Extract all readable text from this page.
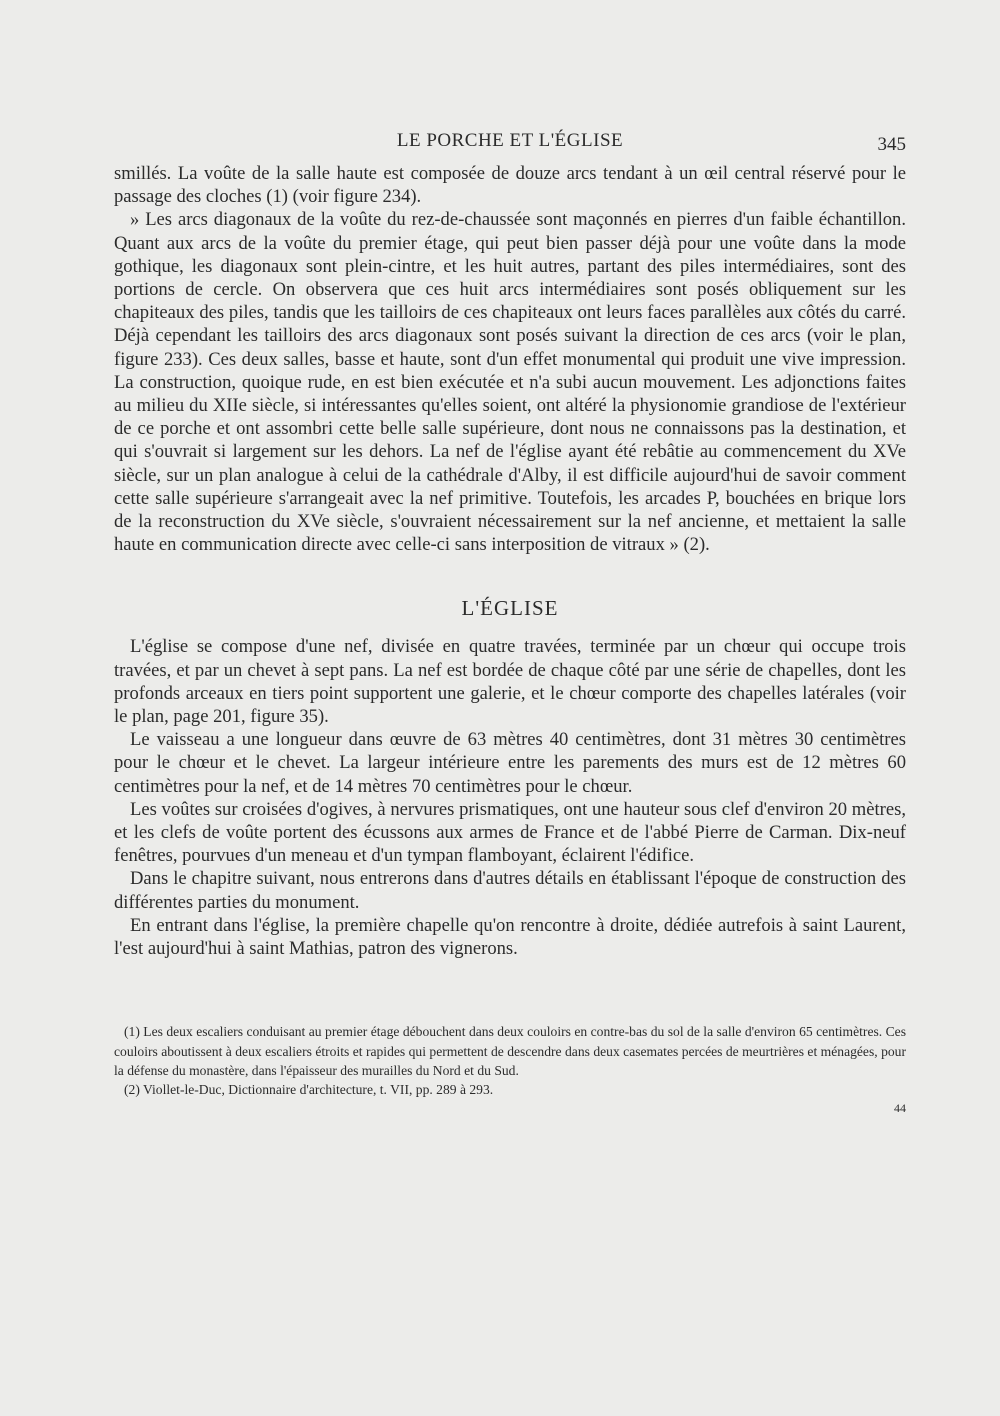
LE PORCHE ET L'ÉGLISE	345

smillés. La voûte de la salle haute est composée de douze arcs tendant à un œil central réservé pour le passage des cloches (1) (voir figure 234).

» Les arcs diagonaux de la voûte du rez-de-chaussée sont maçonnés en pierres d'un faible échantillon. Quant aux arcs de la voûte du premier étage, qui peut bien passer déjà pour une voûte dans la mode gothique, les diagonaux sont plein-cintre, et les huit autres, partant des piles intermédiaires, sont des portions de cercle. On observera que ces huit arcs intermédiaires sont posés obliquement sur les chapiteaux des piles, tandis que les tailloirs de ces chapiteaux ont leurs faces parallèles aux côtés du carré. Déjà cependant les tailloirs des arcs diagonaux sont posés suivant la direction de ces arcs (voir le plan, figure 233). Ces deux salles, basse et haute, sont d'un effet monumental qui produit une vive impression. La construction, quoique rude, en est bien exécutée et n'a subi aucun mouvement. Les adjonctions faites au milieu du XIIe siècle, si intéressantes qu'elles soient, ont altéré la physionomie grandiose de l'extérieur de ce porche et ont assombri cette belle salle supérieure, dont nous ne connaissons pas la destination, et qui s'ouvrait si largement sur les dehors. La nef de l'église ayant été rebâtie au commencement du XVe siècle, sur un plan analogue à celui de la cathédrale d'Alby, il est difficile aujourd'hui de savoir comment cette salle supérieure s'arrangeait avec la nef primitive. Toutefois, les arcades P, bouchées en brique lors de la reconstruction du XVe siècle, s'ouvraient nécessairement sur la nef ancienne, et mettaient la salle haute en communication directe avec celle-ci sans interposition de vitraux » (2).

L'ÉGLISE

L'église se compose d'une nef, divisée en quatre travées, terminée par un chœur qui occupe trois travées, et par un chevet à sept pans. La nef est bordée de chaque côté par une série de chapelles, dont les profonds arceaux en tiers point supportent une galerie, et le chœur comporte des chapelles latérales (voir le plan, page 201, figure 35).

Le vaisseau a une longueur dans œuvre de 63 mètres 40 centimètres, dont 31 mètres 30 centimètres pour le chœur et le chevet. La largeur intérieure entre les parements des murs est de 12 mètres 60 centimètres pour la nef, et de 14 mètres 70 centimètres pour le chœur.

Les voûtes sur croisées d'ogives, à nervures prismatiques, ont une hauteur sous clef d'environ 20 mètres, et les clefs de voûte portent des écussons aux armes de France et de l'abbé Pierre de Carman. Dix-neuf fenêtres, pourvues d'un meneau et d'un tympan flamboyant, éclairent l'édifice.

Dans le chapitre suivant, nous entrerons dans d'autres détails en établissant l'époque de construction des différentes parties du monument.

En entrant dans l'église, la première chapelle qu'on rencontre à droite, dédiée autrefois à saint Laurent, l'est aujourd'hui à saint Mathias, patron des vignerons.

(1) Les deux escaliers conduisant au premier étage débouchent dans deux couloirs en contre-bas du sol de la salle d'environ 65 centimètres. Ces couloirs aboutissent à deux escaliers étroits et rapides qui permettent de descendre dans deux casemates percées de meurtrières et ménagées, pour la défense du monastère, dans l'épaisseur des murailles du Nord et du Sud.

(2) Viollet-le-Duc, Dictionnaire d'architecture, t. VII, pp. 289 à 293.

44
